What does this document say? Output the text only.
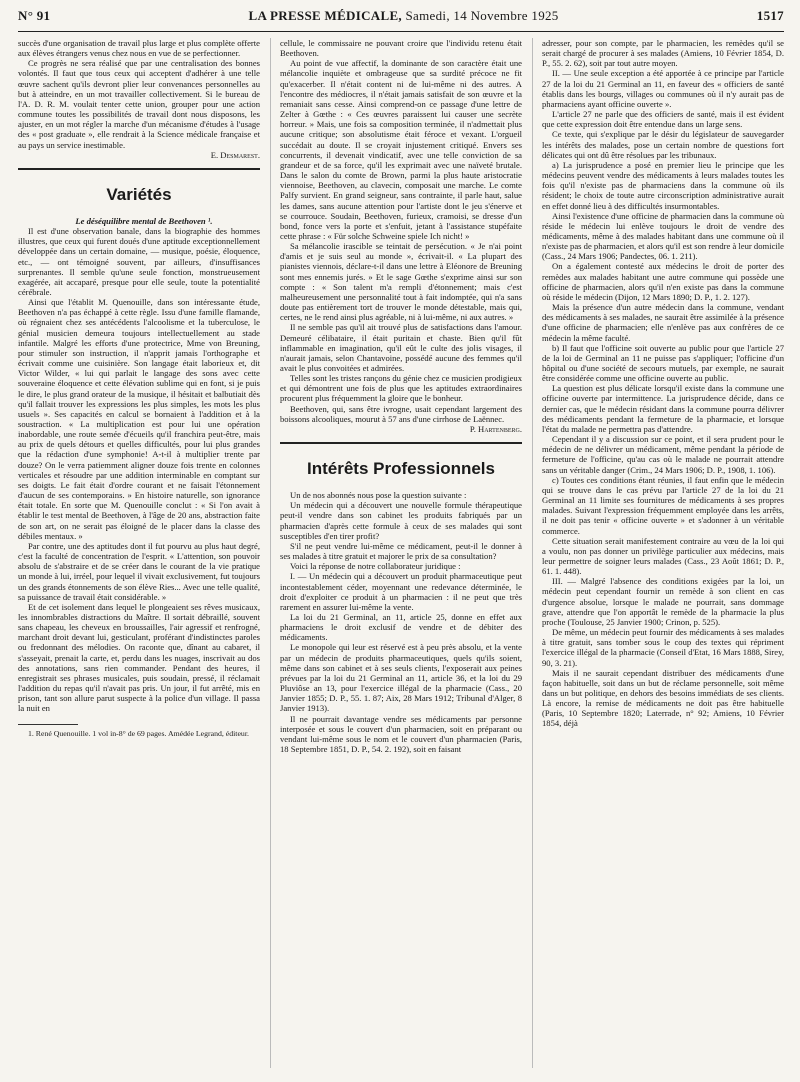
N° 91	LA PRESSE MÉDICALE, Samedi, 14 Novembre 1925	1517

succès d'une organisation de travail plus large et plus complète offerte aux élèves étrangers venus chez nous en vue de se perfectionner.

Ce progrès ne sera réalisé que par une centralisation des bonnes volontés. Il faut que tous ceux qui acceptent d'adhérer à une telle œuvre sachent qu'ils devront plier leur convenances personnelles au but à atteindre, en un mot travailler collectivement. Si le bureau de l'A. D. R. M. voulait tenter cette union, grouper pour une action commune toutes les possibilités de travail dont nous disposons, les ajuster, en un mot régler la marche d'un mécanisme d'études à l'usage des « post graduate », elle rendrait à la Science médicale française et au pays un service inestimable.

E. Desmarest.

Variétés

Le déséquilibre mental de Beethoven ¹.

Il est d'une observation banale, dans la biographie des hommes illustres, que ceux qui furent doués d'une aptitude exceptionnellement développée dans un certain domaine, — musique, poésie, éloquence, etc., — ont témoigné souvent, par ailleurs, d'insuffisances surprenantes. Il semble qu'une seule fonction, monstrueusement exagérée, ait accaparé, presque pour elle seule, toute la potentialité cérébrale.

Ainsi que l'établit M. Quenouille, dans son intéressante étude, Beethoven n'a pas échappé à cette règle. Issu d'une famille flamande, où régnaient chez ses antécédents l'alcoolisme et la tuberculose, le génial musicien demeura toujours intellectuellement au stade infantile. Malgré les efforts d'une protectrice, Mme von Breuning, pour stimuler son instruction, il n'apprit jamais l'orthographe et écrivait comme une cuisinière. Son langage était laborieux et, dit Victor Wilder, « lui qui parlait le langage des sons avec cette souveraine éloquence et cette élévation sublime qui en font, si je puis le dire, le plus grand orateur de la musique, il hésitait et balbutiait dès qu'il fallait trouver les expressions les plus simples, les mots les plus usuels ». Ses capacités en calcul se bornaient à l'addition et à la soustraction. « La multiplication est pour lui une opération inabordable, une route semée d'écueils qu'il franchira peut-être, mais au prix de quels détours et quelles difficultés, pour lui plus grandes que la rédaction d'une symphonie! A-t-il à multiplier trente par douze? On le verra patiemment aligner douze fois trente en colonnes verticales et résoudre par une addition interminable en comptant sur ses doigts. Le fait était d'ordre courant et ne faisait l'étonnement d'aucun de ses contemporains. » En histoire naturelle, son ignorance était totale. En sorte que M. Quenouille conclut : « Si l'on avait à établir le test mental de Beethoven, à l'âge de 20 ans, abstraction faite de son art, on ne serait pas éloigné de le placer dans la classe des débiles mentaux. »

Par contre, une des aptitudes dont il fut pourvu au plus haut degré, c'est la faculté de concentration de l'esprit. « L'attention, son pouvoir absolu de s'abstraire et de se créer dans le courant de la vie pratique un monde à lui, irréel, pour lequel il vivait exclusivement, fut toujours un des grands étonnements de son élève Ries... Avec une telle qualité, sa puissance de travail était considérable. »

Et de cet isolement dans lequel le plongeaient ses rêves musicaux, les innombrables distractions du Maître. Il sortait débraillé, souvent sans chapeau, les cheveux en broussailles, l'air agressif et renfrogné, marchant droit devant lui, gesticulant, proférant d'indistinctes paroles ou fredonnant des mélodies. On raconte que, dînant au cabaret, il s'asseyait, prenait la carte, et, perdu dans les nuages, inscrivait au dos des annotations, sans rien commander. Pendant des heures, il enregistrait ses phrases musicales, puis soudain, pressé, il réclamait l'addition du repas qu'il n'avait pas pris. Un jour, il fut arrêté, mis en prison, tant son allure parut suspecte à la police d'un village. Il passa la nuit en

1. René Quenouille. 1 vol in-8° de 69 pages. Amédée Legrand, éditeur.

cellule, le commissaire ne pouvant croire que l'individu retenu était Beethoven.

Au point de vue affectif, la dominante de son caractère était une mélancolie inquiète et ombrageuse que sa surdité précoce ne fit qu'exacerber. Il n'était content ni de lui-même ni des autres. A l'encontre des médiocres, il n'était jamais satisfait de son œuvre et la remaniait sans cesse. Ainsi comprend-on ce passage d'une lettre de Zelter à Gœthe : « Ces œuvres paraissent lui causer une secrète horreur. » Mais, une fois sa composition terminée, il n'admettait plus aucune critique; son absolutisme était féroce et vexant. L'orgueil succédait au doute. Il se croyait injustement critiqué. Envers ses concurrents, il devenait vindicatif, avec une telle conviction de sa grandeur et de sa force, qu'il les exprimait avec une naïveté brutale. Dans le salon du comte de Brown, parmi la plus haute aristocratie viennoise, Beethoven, au clavecin, composait une marche. Le comte Palfy survient. En grand seigneur, sans contrainte, il parle haut, salue les dames, sans aucune attention pour l'artiste dont le jeu s'énerve et se courrouce. Soudain, Beethoven, furieux, cramoisi, se dresse d'un bond, fonce vers la porte et s'enfuit, jetant à l'assistance stupéfaite cette phrase : « Für solche Schweine spiele Ich nicht! »

Sa mélancolie irascible se teintait de persécution. « Je n'ai point d'amis et je suis seul au monde », écrivait-il. « La plupart des pianistes viennois, déclare-t-il dans une lettre à Eléonore de Breuning sont mes ennemis jurés. » Et le sage Gœthe s'exprime ainsi sur son compte : « Son talent m'a rempli d'étonnement; mais c'est malheureusement une personnalité tout à fait indomptée, qui n'a sans doute pas entièrement tort de trouver le monde détestable, mais qui, certes, ne le rend ainsi plus agréable, ni à lui-même, ni aux autres. »

Il ne semble pas qu'il ait trouvé plus de satisfactions dans l'amour. Demeuré célibataire, il était puritain et chaste. Bien qu'il fût inflammable en imagination, qu'il eût le culte des jolis visages, il n'aurait jamais, selon Chantavoine, possédé aucune des femmes qu'il avait le plus convoitées et admirées.

Telles sont les tristes rançons du génie chez ce musicien prodigieux et qui démontrent une fois de plus que les aptitudes extraordinaires procurent plus fréquemment la gloire que le bonheur.

Beethoven, qui, sans être ivrogne, usait cependant largement des boissons alcooliques, mourut à 57 ans d'une cirrhose de Laënnec.

P. Hartenberg.

Intérêts Professionnels

Un de nos abonnés nous pose la question suivante :

Un médecin qui a découvert une nouvelle formule thérapeutique peut-il vendre dans son cabinet les produits fabriqués par un pharmacien d'après cette formule à ceux de ses malades qui sont susceptibles d'en tirer profit?

S'il ne peut vendre lui-même ce médicament, peut-il le donner à ses malades à titre gratuit et majorer le prix de sa consultation?

Voici la réponse de notre collaborateur juridique :

I. — Un médecin qui a découvert un produit pharmaceutique peut incontestablement céder, moyennant une redevance déterminée, le droit d'exploiter ce produit à un pharmacien : il ne peut que très rarement en assurer lui-même la vente.

La loi du 21 Germinal, an 11, article 25, donne en effet aux pharmaciens le droit exclusif de vendre et de débiter des médicaments.

Le monopole qui leur est réservé est à peu près absolu, et la vente par un médecin de produits pharmaceutiques, quels qu'ils soient, même dans son cabinet et à ses seuls clients, l'exposerait aux peines prévues par la loi du 21 Germinal an 11, article 36, et la loi du 29 Pluviôse an 13, pour l'exercice illégal de la pharmacie (Cass., 20 Janvier 1855; D. P., 55. 1. 87; Aix, 28 Mars 1912; Tribunal d'Alger, 8 Janvier 1913).

Il ne pourrait davantage vendre ses médicaments par personne interposée et sous le couvert d'un pharmacien, soit en préparant ou vendant lui-même sous le nom et le couvert d'un pharmacien (Paris, 18 Septembre 1851, D. P., 54. 2. 192), soit en faisant

adresser, pour son compte, par le pharmacien, les remèdes qu'il se serait chargé de procurer à ses malades (Amiens, 10 Février 1854, D. P., 55. 2. 62), soit par tout autre moyen.

II. — Une seule exception a été apportée à ce principe par l'article 27 de la loi du 21 Germinal an 11, en faveur des « officiers de santé établis dans les bourgs, villages ou communes où il n'y aurait pas de pharmaciens ayant officine ouverte ».

L'article 27 ne parle que des officiers de santé, mais il est évident que cette expression doit être entendue dans un large sens.

Ce texte, qui s'explique par le désir du législateur de sauvegarder les intérêts des malades, pose un certain nombre de questions fort délicates qui ont dû être résolues par les tribunaux.

a) La jurisprudence a posé en premier lieu le principe que les médecins peuvent vendre des médicaments à leurs malades toutes les fois qu'il n'existe pas de pharmaciens dans la commune où ils résident; le choix de toute autre circonscription administrative aurait en effet donné lieu à des difficultés insurmontables.

Ainsi l'existence d'une officine de pharmacien dans la commune où réside le médecin lui enlève toujours le droit de vendre des médicaments, même à des malades habitant dans une commune où il n'existe pas de pharmacien, et alors qu'il est son rendre à leur domicile (Cass., 24 Mars 1906; Pandectes, 06. 1. 211).

On a également contesté aux médecins le droit de porter des remèdes aux malades habitant une autre commune qui possède une officine de pharmacien, alors qu'il n'en existe pas dans la commune où réside le médecin (Dijon, 12 Mars 1890; D. P., 1. 2. 127).

Mais la présence d'un autre médecin dans la commune, vendant des médicaments à ses malades, ne saurait être assimilée à la présence d'une officine de pharmacien; elle n'enlève pas aux confrères de ce médecin la même faculté.

b) Il faut que l'officine soit ouverte au public pour que l'article 27 de la loi de Germinal an 11 ne puisse pas s'appliquer; l'officine d'un hôpital ou d'une société de secours mutuels, par exemple, ne saurait être considérée comme une officine ouverte au public.

La question est plus délicate lorsqu'il existe dans la commune une officine ouverte par intermittence. La jurisprudence décide, dans ce dernier cas, que le médecin résidant dans la commune pourra délivrer des médicaments pendant la fermeture de la pharmacie, et lorsque l'état du malade ne permettra pas d'attendre.

Cependant il y a discussion sur ce point, et il sera prudent pour le médecin de ne délivrer un médicament, même pendant la période de fermeture de l'officine, qu'au cas où le malade ne pourrait attendre sans un véritable danger (Crim., 24 Mars 1906; D. P., 1908, 1. 106).

c) Toutes ces conditions étant réunies, il faut enfin que le médecin qui se trouve dans le cas prévu par l'article 27 de la loi du 21 Germinal an 11 limite ses fournitures de médicaments à ses propres malades. Suivant l'expression fréquemment employée dans les arrêts, il ne doit pas tenir « officine ouverte » et s'adonner à un véritable commerce.

Cette situation serait manifestement contraire au vœu de la loi qui a voulu, non pas donner un privilège particulier aux médecins, mais leur permettre de soigner leurs malades (Cass., 23 Août 1861; D. P., 61. 1. 448).

III. — Malgré l'absence des conditions exigées par la loi, un médecin peut cependant fournir un remède à son client en cas d'urgence absolue, lorsque le malade ne pourrait, sans dommage grave, attendre que l'on apportât le remède de la pharmacie la plus proche (Toulouse, 25 Janvier 1900; Crinon, p. 525).

De même, un médecin peut fournir des médicaments à ses malades à titre gratuit, sans tomber sous le coup des textes qui répriment l'exercice illégal de la pharmacie (Conseil d'Etat, 16 Mars 1888, Sirey, 90, 3. 21).

Mais il ne saurait cependant distribuer des médicaments d'une façon habituelle, soit dans un but de réclame personnelle, soit même dans un but politique, en dehors des besoins immédiats de ses clients. Là encore, la remise de médicaments ne doit pas être habituelle (Paris, 10 Septembre 1820; Laterrade, n° 92; Amiens, 10 Février 1854, déjà
